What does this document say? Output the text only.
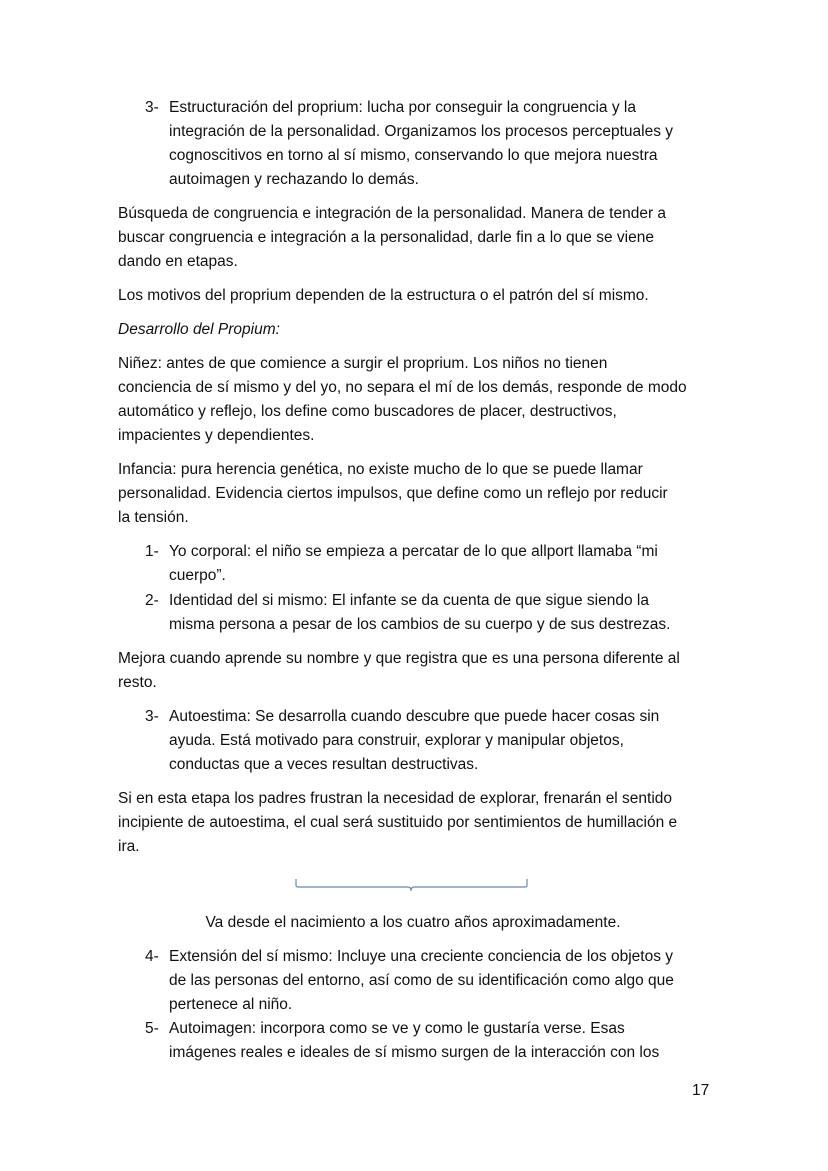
3- Estructuración del proprium: lucha por conseguir la congruencia y la
integración de la personalidad. Organizamos los procesos perceptuales y
cognoscitivos en torno al sí mismo, conservando lo que mejora nuestra
autoimagen y rechazando lo demás.
Búsqueda de congruencia e integración de la personalidad. Manera de tender a
buscar congruencia e integración a la personalidad, darle fin a lo que se viene
dando en etapas.
Los motivos del proprium dependen de la estructura o el patrón del sí mismo.
Desarrollo del Propium:
Niñez: antes de que comience a surgir el proprium. Los niños no tienen
conciencia de sí mismo y del yo, no separa el mí de los demás, responde de modo
automático y reflejo, los define como buscadores de placer, destructivos,
impacientes y dependientes.
Infancia: pura herencia genética, no existe mucho de lo que se puede llamar
personalidad. Evidencia ciertos impulsos, que define como un reflejo por reducir
la tensión.
1- Yo corporal: el niño se empieza a percatar de lo que allport llamaba “mi
cuerpo”.
2- Identidad del si mismo: El infante se da cuenta de que sigue siendo la
misma persona a pesar de los cambios de su cuerpo y de sus destrezas.
Mejora cuando aprende su nombre y que registra que es una persona diferente al
resto.
3- Autoestima: Se desarrolla cuando descubre que puede hacer cosas sin
ayuda. Está motivado para construir, explorar y manipular objetos,
conductas que a veces resultan destructivas.
Si en esta etapa los padres frustran la necesidad de explorar, frenarán el sentido
incipiente de autoestima, el cual será sustituido por sentimientos de humillación e
ira.
Va desde el nacimiento a los cuatro años aproximadamente.
4- Extensión del sí mismo: Incluye una creciente conciencia de los objetos y
de las personas del entorno, así como de su identificación como algo que
pertenece al niño.
5- Autoimagen: incorpora como se ve y como le gustaría verse. Esas
imágenes reales e ideales de sí mismo surgen de la interacción con los
17
